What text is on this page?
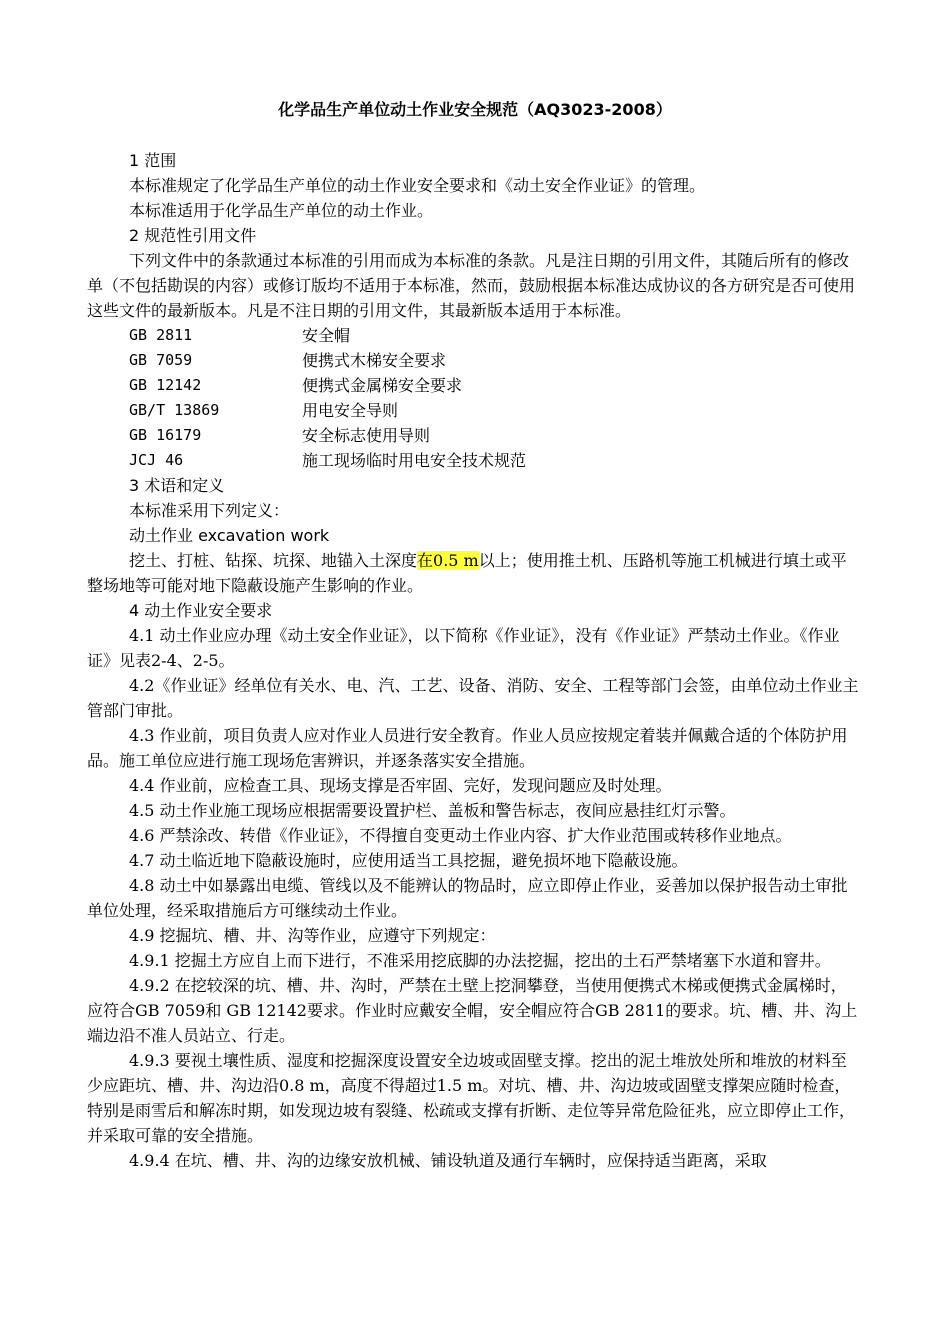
化学品生产单位动土作业安全规范（AQ3023-2008）

1 范围

本标准规定了化学品生产单位的动土作业安全要求和《动土安全作业证》的管理。

本标准适用于化学品生产单位的动土作业。

2 规范性引用文件

下列文件中的条款通过本标准的引用而成为本标准的条款。凡是注日期的引用文件，其随后所有的修改单（不包括勘误的内容）或修订版均不适用于本标准，然而，鼓励根据本标准达成协议的各方研究是否可使用这些文件的最新版本。凡是不注日期的引用文件，其最新版本适用于本标准。

GB 2811	安全帽
GB 7059	便携式木梯安全要求
GB 12142	便携式金属梯安全要求
GB/T 13869	用电安全导则
GB 16179	安全标志使用导则
JCJ 46	施工现场临时用电安全技术规范

3 术语和定义

本标准采用下列定义：

动土作业 excavation work

挖土、打桩、钻探、坑探、地锚入土深度在0.5 m以上；使用推土机、压路机等施工机械进行填土或平整场地等可能对地下隐蔽设施产生影响的作业。

4 动土作业安全要求

4.1 动土作业应办理《动土安全作业证》，以下简称《作业证》，没有《作业证》严禁动土作业。《作业证》见表2-4、2-5。

4.2《作业证》经单位有关水、电、汽、工艺、设备、消防、安全、工程等部门会签，由单位动土作业主管部门审批。

4.3 作业前，项目负责人应对作业人员进行安全教育。作业人员应按规定着装并佩戴合适的个体防护用品。施工单位应进行施工现场危害辨识，并逐条落实安全措施。

4.4 作业前，应检查工具、现场支撑是否牢固、完好，发现问题应及时处理。

4.5 动土作业施工现场应根据需要设置护栏、盖板和警告标志，夜间应悬挂红灯示警。

4.6 严禁涂改、转借《作业证》，不得擅自变更动土作业内容、扩大作业范围或转移作业地点。

4.7 动土临近地下隐蔽设施时，应使用适当工具挖掘，避免损坏地下隐蔽设施。

4.8 动土中如暴露出电缆、管线以及不能辨认的物品时，应立即停止作业，妥善加以保护报告动土审批单位处理，经采取措施后方可继续动土作业。

4.9 挖掘坑、槽、井、沟等作业，应遵守下列规定：

4.9.1 挖掘土方应自上而下进行，不准采用挖底脚的办法挖掘，挖出的土石严禁堵塞下水道和窨井。

4.9.2 在挖较深的坑、槽、井、沟时，严禁在土壁上挖洞攀登，当使用便携式木梯或便携式金属梯时，应符合GB 7059和 GB 12142要求。作业时应戴安全帽，安全帽应符合GB 2811的要求。坑、槽、井、沟上端边沿不准人员站立、行走。

4.9.3 要视土壤性质、湿度和挖掘深度设置安全边坡或固壁支撑。挖出的泥土堆放处所和堆放的材料至少应距坑、槽、井、沟边沿0.8 m，高度不得超过1.5 m。对坑、槽、井、沟边坡或固壁支撑架应随时检查，特别是雨雪后和解冻时期，如发现边坡有裂缝、松疏或支撑有折断、走位等异常危险征兆，应立即停止工作，并采取可靠的安全措施。

4.9.4 在坑、槽、井、沟的边缘安放机械、铺设轨道及通行车辆时，应保持适当距离，采取
